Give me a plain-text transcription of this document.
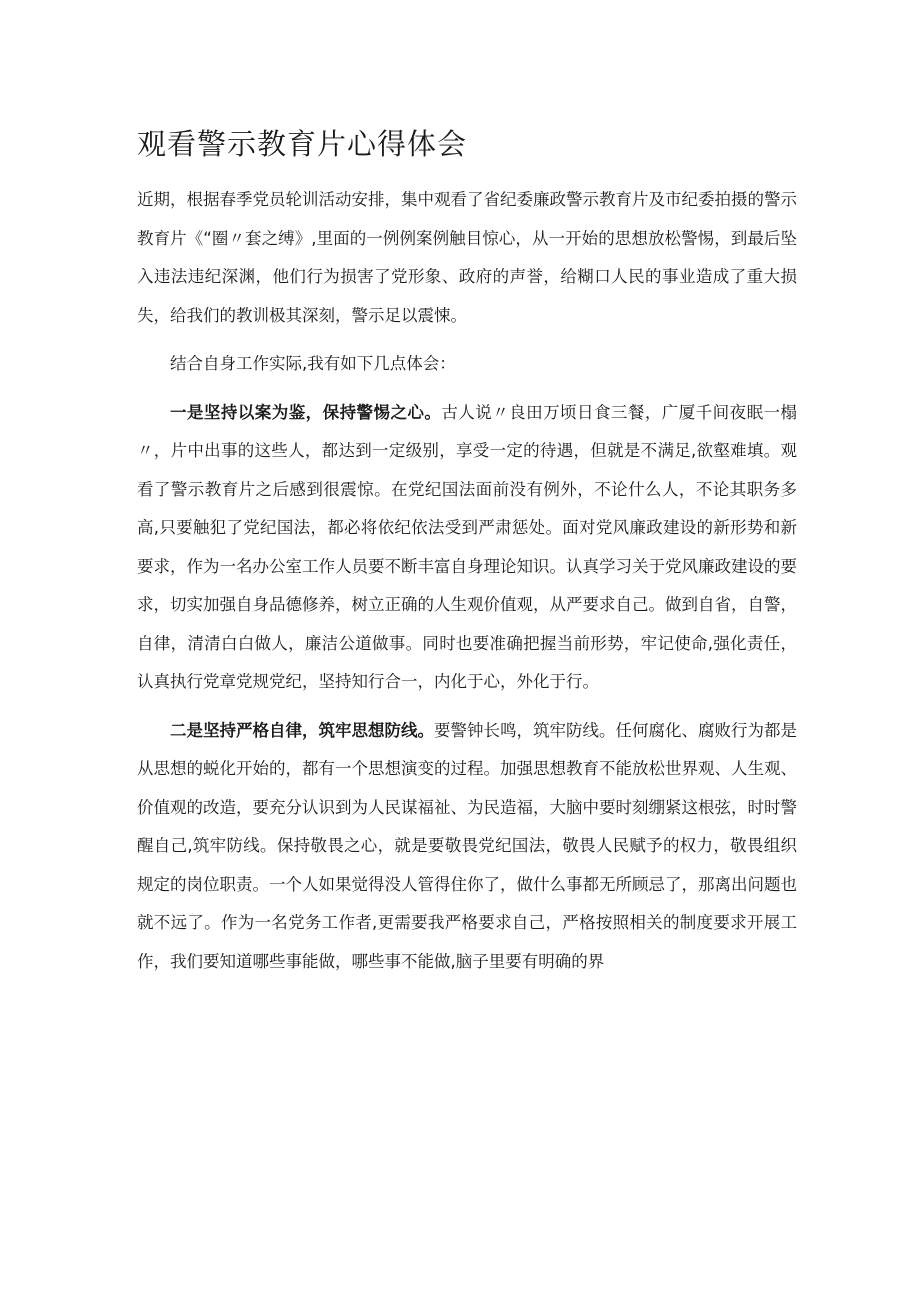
观看警示教育片心得体会

近期，根据春季党员轮训活动安排，集中观看了省纪委廉政警示教育片及市纪委拍摄的警示教育片《“圈〃套之缚》,里面的一例例案例触目惊心，从一开始的思想放松警惕，到最后坠入违法违纪深渊，他们行为损害了党形象、政府的声誉，给糊口人民的事业造成了重大损失，给我们的教训极其深刻，警示足以震悚。

结合自身工作实际,我有如下几点体会：

一是坚持以案为鉴，保持警惕之心。古人说〃良田万顷日食三餐，广厦千间夜眠一榻〃，片中出事的这些人，都达到一定级别，享受一定的待遇，但就是不满足,欲壑难填。观看了警示教育片之后感到很震惊。在党纪国法面前没有例外，不论什么人，不论其职务多高,只要触犯了党纪国法，都必将依纪依法受到严肃惩处。面对党风廉政建设的新形势和新要求，作为一名办公室工作人员要不断丰富自身理论知识。认真学习关于党风廉政建设的要求，切实加强自身品德修养，树立正确的人生观价值观，从严要求自己。做到自省，自警，自律，清清白白做人，廉洁公道做事。同时也要准确把握当前形势，牢记使命,强化责任，认真执行党章党规党纪，坚持知行合一，内化于心，外化于行。

二是坚持严格自律，筑牢思想防线。要警钟长鸣，筑牢防线。任何腐化、腐败行为都是从思想的蜕化开始的，都有一个思想演变的过程。加强思想教育不能放松世界观、人生观、价值观的改造，要充分认识到为人民谋福祉、为民造福，大脑中要时刻绷紧这根弦，时时警醒自己,筑牢防线。保持敬畏之心，就是要敬畏党纪国法，敬畏人民赋予的权力，敬畏组织规定的岗位职责。一个人如果觉得没人管得住你了，做什么事都无所顾忌了，那离出问题也就不远了。作为一名党务工作者,更需要我严格要求自己，严格按照相关的制度要求开展工作，我们要知道哪些事能做，哪些事不能做,脑子里要有明确的界
